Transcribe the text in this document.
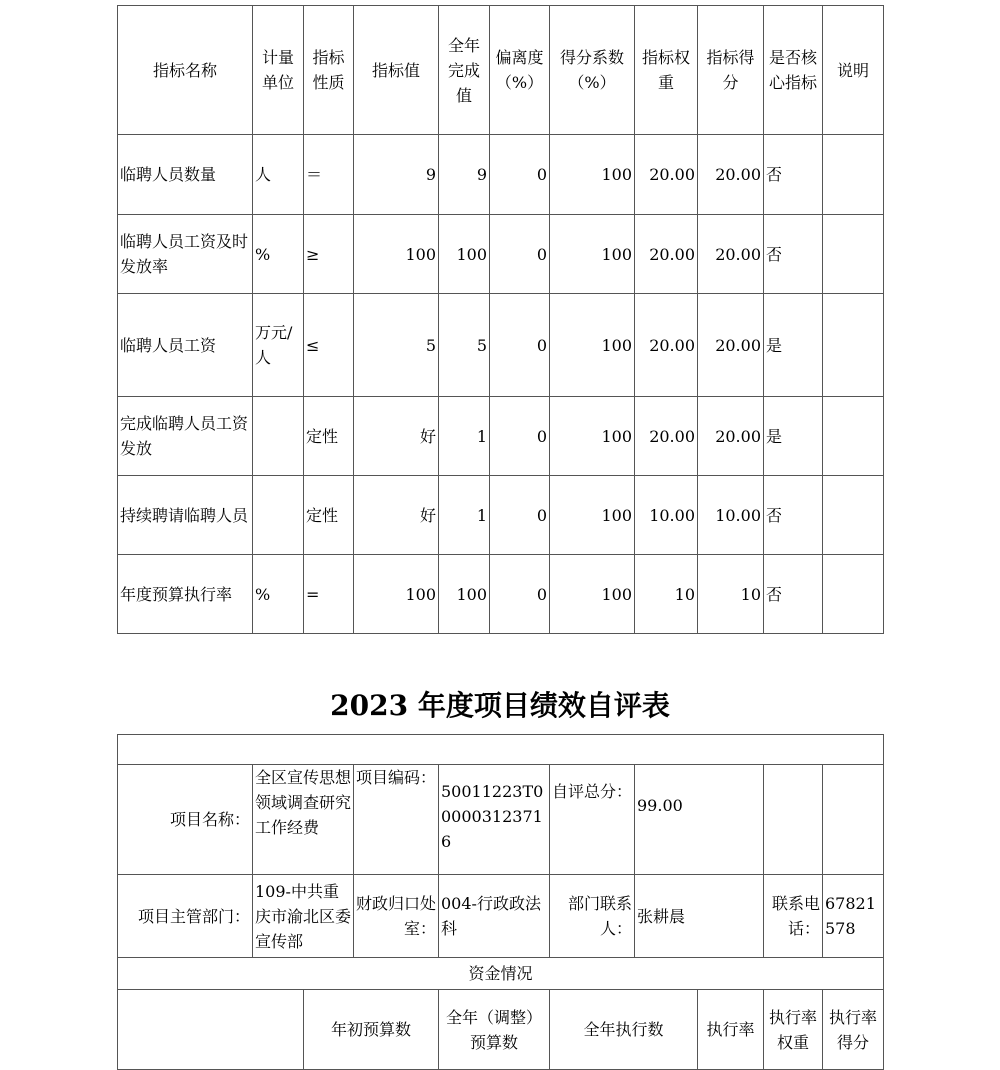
指标名称	计量单位	指标性质	指标值	全年完成值	偏离度（%）	得分系数（%）	指标权重	指标得分	是否核心指标	说明
临聘人员数量	人	＝	9	9	0	100	20.00	20.00	否	
临聘人员工资及时发放率	%	≥	100	100	0	100	20.00	20.00	否	
临聘人员工资	万元/人	≤	5	5	0	100	20.00	20.00	是	
完成临聘人员工资发放		定性	好	1	0	100	20.00	20.00	是	
持续聘请临聘人员		定性	好	1	0	100	10.00	10.00	否	
年度预算执行率	%	=	100	100	0	100	10	10	否	
2023 年度项目绩效自评表

项目名称：	全区宣传思想领域调查研究工作经费		项目编码：	50011223T000003123716	自评总分：	99.00			
项目主管部门：	109-中共重庆市渝北区委宣传部		财政归口处室：	004-行政政法科	部门联系人：	张耕晨		联系电话：	67821578
资金情况									
		年初预算数		全年（调整）预算数	全年执行数		执行率	执行率权重	执行率得分
